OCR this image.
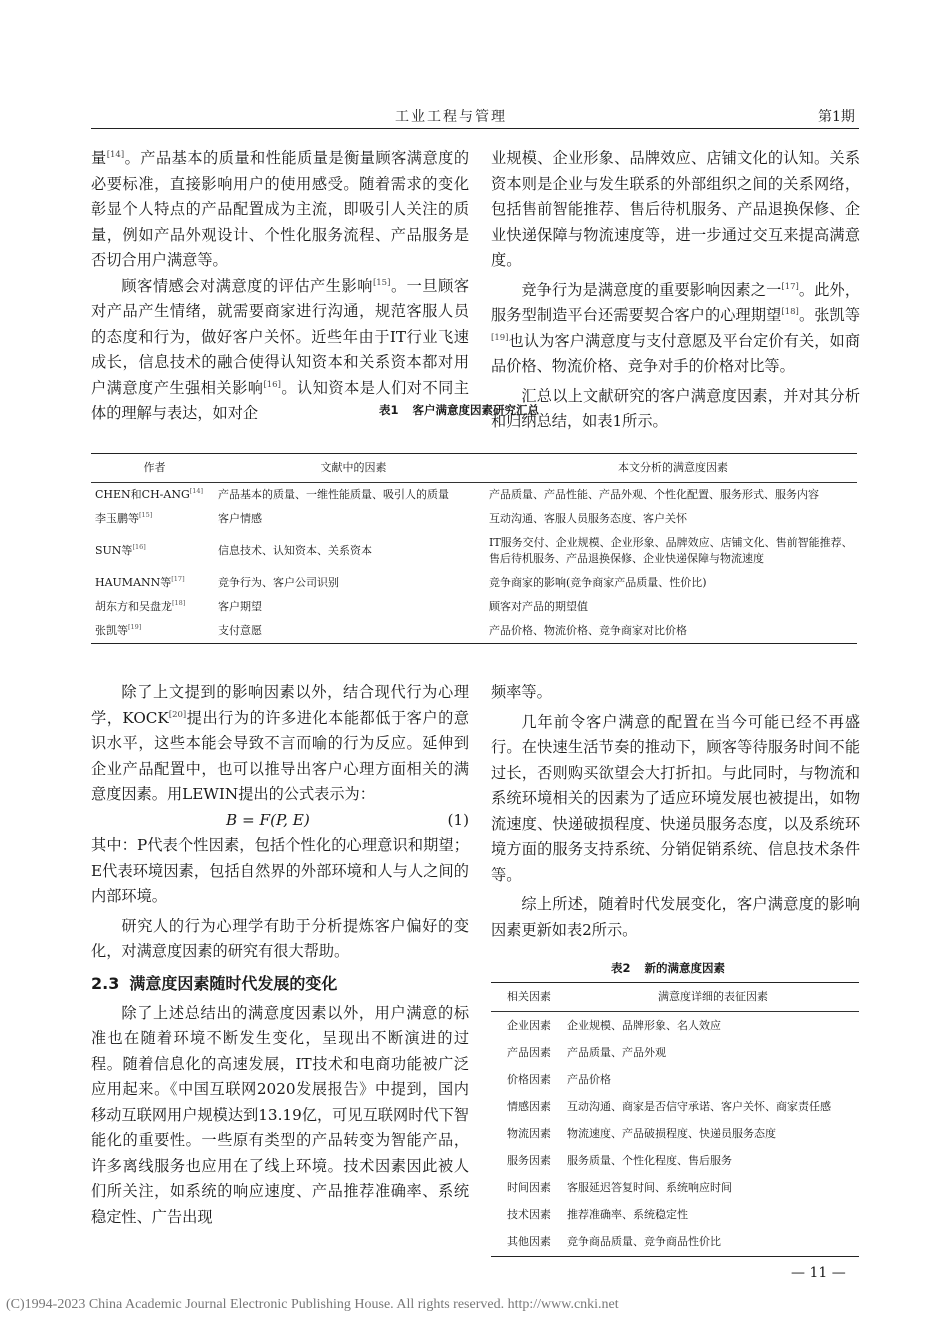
工业工程与管理	第1期

量[14]。产品基本的质量和性能质量是衡量顾客满意度的必要标准，直接影响用户的使用感受。随着需求的变化彰显个人特点的产品配置成为主流，即吸引人关注的质量，例如产品外观设计、个性化服务流程、产品服务是否切合用户满意等。

顾客情感会对满意度的评估产生影响[15]。一旦顾客对产品产生情绪，就需要商家进行沟通，规范客服人员的态度和行为，做好客户关怀。近些年由于IT行业飞速成长，信息技术的融合使得认知资本和关系资本都对用户满意度产生强相关影响[16]。认知资本是人们对不同主体的理解与表达，如对企

业规模、企业形象、品牌效应、店铺文化的认知。关系资本则是企业与发生联系的外部组织之间的关系网络，包括售前智能推荐、售后待机服务、产品退换保修、企业快递保障与物流速度等，进一步通过交互来提高满意度。

竞争行为是满意度的重要影响因素之一[17]。此外，服务型制造平台还需要契合客户的心理期望[18]。张凯等[19]也认为客户满意度与支付意愿及平台定价有关，如商品价格、物流价格、竞争对手的价格对比等。

汇总以上文献研究的客户满意度因素，并对其分析和归纳总结，如表1所示。

表1 客户满意度因素研究汇总
作者	文献中的因素	本文分析的满意度因素
CHEN和CH-ANG[14]	产品基本的质量、一维性能质量、吸引人的质量	产品质量、产品性能、产品外观、个性化配置、服务形式、服务内容
李玉鹏等[15]	客户情感	互动沟通、客服人员服务态度、客户关怀
SUN等[16]	信息技术、认知资本、关系资本	IT服务交付、企业规模、企业形象、品牌效应、店铺文化、售前智能推荐、售后待机服务、产品退换保修、企业快递保障与物流速度
HAUMANN等[17]	竞争行为、客户公司识别	竞争商家的影响(竞争商家产品质量、性价比)
胡东方和吴盘龙[18]	客户期望	顾客对产品的期望值
张凯等[19]	支付意愿	产品价格、物流价格、竞争商家对比价格

除了上文提到的影响因素以外，结合现代行为心理学，KOCK[20]提出行为的许多进化本能都低于客户的意识水平，这些本能会导致不言而喻的行为反应。延伸到企业产品配置中，也可以推导出客户心理方面相关的满意度因素。用LEWIN提出的公式表示为：

B = F(P, E)	(1)

其中：P代表个性因素，包括个性化的心理意识和期望；E代表环境因素，包括自然界的外部环境和人与人之间的内部环境。

研究人的行为心理学有助于分析提炼客户偏好的变化，对满意度因素的研究有很大帮助。

2.3 满意度因素随时代发展的变化

除了上述总结出的满意度因素以外，用户满意的标准也在随着环境不断发生变化，呈现出不断演进的过程。随着信息化的高速发展，IT技术和电商功能被广泛应用起来。《中国互联网2020发展报告》中提到，国内移动互联网用户规模达到13.19亿，可见互联网时代下智能化的重要性。一些原有类型的产品转变为智能产品，许多离线服务也应用在了线上环境。技术因素因此被人们所关注，如系统的响应速度、产品推荐准确率、系统稳定性、广告出现

频率等。

几年前令客户满意的配置在当今可能已经不再盛行。在快速生活节奏的推动下，顾客等待服务时间不能过长，否则购买欲望会大打折扣。与此同时，与物流和系统环境相关的因素为了适应环境发展也被提出，如物流速度、快递破损程度、快递员服务态度，以及系统环境方面的服务支持系统、分销促销系统、信息技术条件等。

综上所述，随着时代发展变化，客户满意度的影响因素更新如表2所示。

表2 新的满意度因素
相关因素	满意度详细的表征因素
企业因素	企业规模、品牌形象、名人效应
产品因素	产品质量、产品外观
价格因素	产品价格
情感因素	互动沟通、商家是否信守承诺、客户关怀、商家责任感
物流因素	物流速度、产品破损程度、快递员服务态度
服务因素	服务质量、个性化程度、售后服务
时间因素	客服延迟答复时间、系统响应时间
技术因素	推荐准确率、系统稳定性
其他因素	竞争商品质量、竞争商品性价比
— 11 —
(C)1994-2023 China Academic Journal Electronic Publishing House. All rights reserved. http://www.cnki.net
